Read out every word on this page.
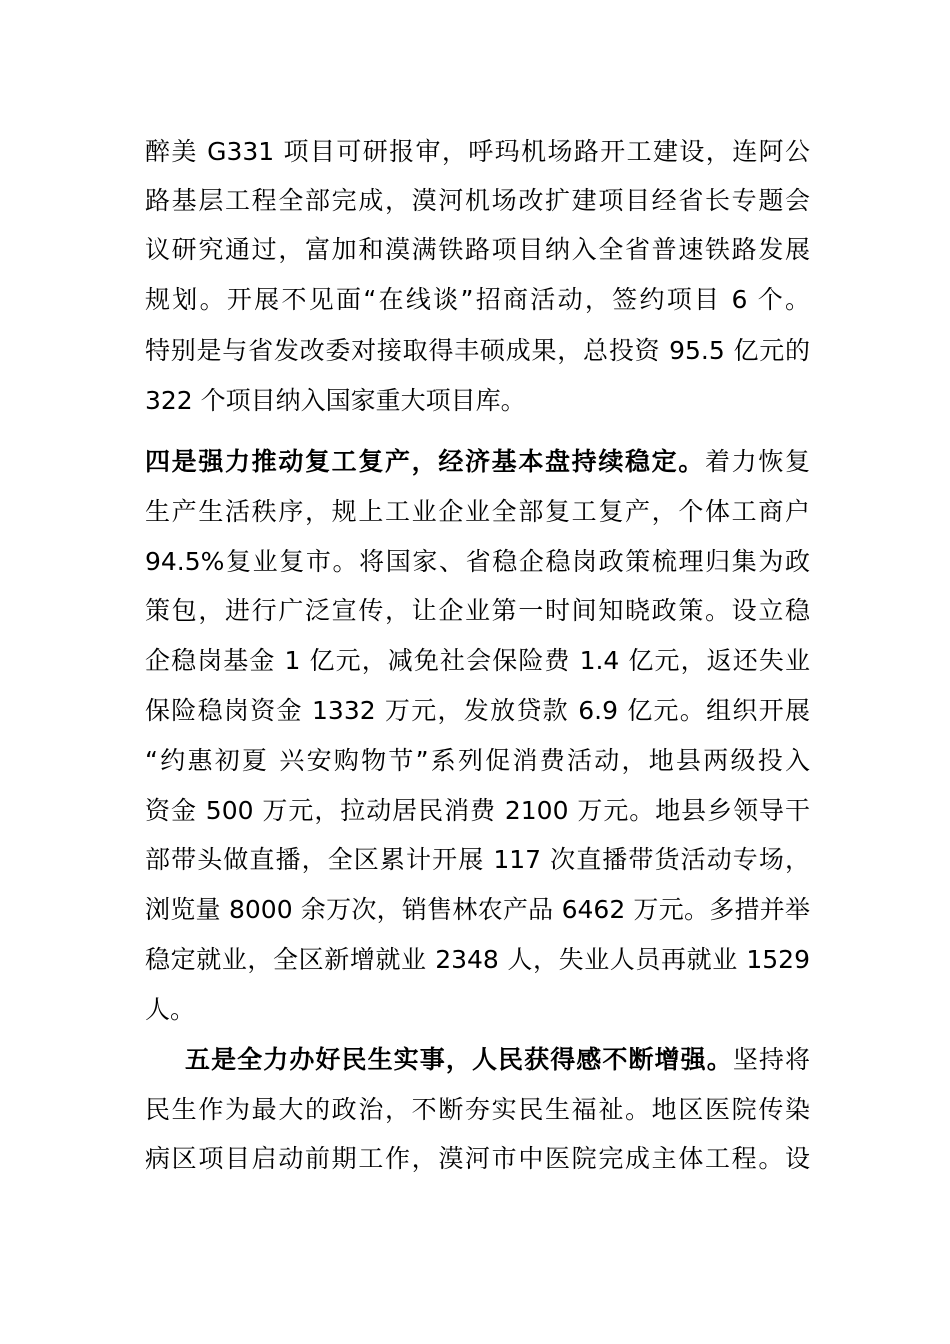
醉美 G331 项目可研报审，呼玛机场路开工建设，连阿公
路基层工程全部完成，漠河机场改扩建项目经省长专题会
议研究通过，富加和漠满铁路项目纳入全省普速铁路发展
规划。开展不见面“在线谈”招商活动，签约项目 6 个。
特别是与省发改委对接取得丰硕成果，总投资 95.5 亿元的
322 个项目纳入国家重大项目库。
四是强力推动复工复产，经济基本盘持续稳定。着力恢复
生产生活秩序，规上工业企业全部复工复产，个体工商户
94.5%复业复市。将国家、省稳企稳岗政策梳理归集为政
策包，进行广泛宣传，让企业第一时间知晓政策。设立稳
企稳岗基金 1 亿元，减免社会保险费 1.4 亿元，返还失业
保险稳岗资金 1332 万元，发放贷款 6.9 亿元。组织开展
“约惠初夏 兴安购物节”系列促消费活动，地县两级投入
资金 500 万元，拉动居民消费 2100 万元。地县乡领导干
部带头做直播，全区累计开展 117 次直播带货活动专场，
浏览量 8000 余万次，销售林农产品 6462 万元。多措并举
稳定就业，全区新增就业 2348 人，失业人员再就业 1529
人。
五是全力办好民生实事，人民获得感不断增强。坚持将
民生作为最大的政治，不断夯实民生福祉。地区医院传染
病区项目启动前期工作，漠河市中医院完成主体工程。设
